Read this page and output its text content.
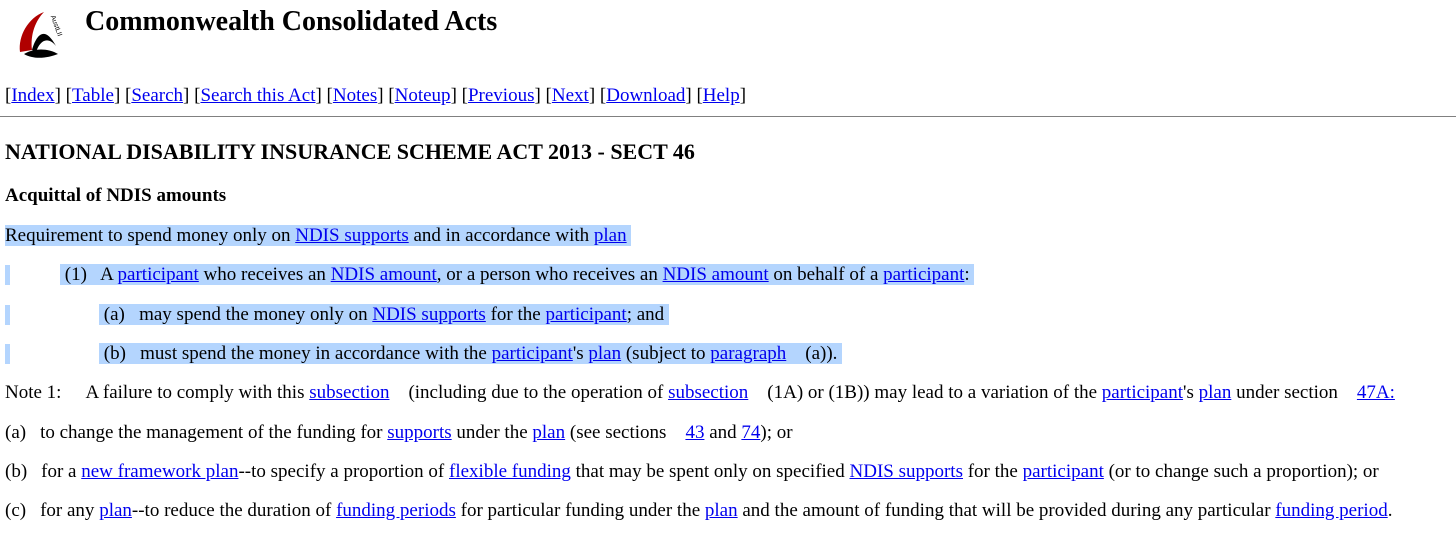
AustLII Commonwealth Consolidated Acts
[Index] [Table] [Search] [Search this Act] [Notes] [Noteup] [Previous] [Next] [Download] [Help]
NATIONAL DISABILITY INSURANCE SCHEME ACT 2013 - SECT 46
Acquittal of NDIS amounts
Requirement to spend money only on NDIS supports and in accordance with plan
(1) A participant who receives an NDIS amount, or a person who receives an NDIS amount on behalf of a participant:
(a) may spend the money only on NDIS supports for the participant; and
(b) must spend the money in accordance with the participant's plan (subject to paragraph    (a)).
Note 1: A failure to comply with this subsection    (including due to the operation of subsection    (1A) or (1B)) may lead to a variation of the participant's plan under section    47A:
(a) to change the management of the funding for supports under the plan (see sections    43 and 74); or
(b) for a new framework plan--to specify a proportion of flexible funding that may be spent only on specified NDIS supports for the participant (or to change such a proportion); or
(c) for any plan--to reduce the duration of funding periods for particular funding under the plan and the amount of funding that will be provided during any particular funding period.
